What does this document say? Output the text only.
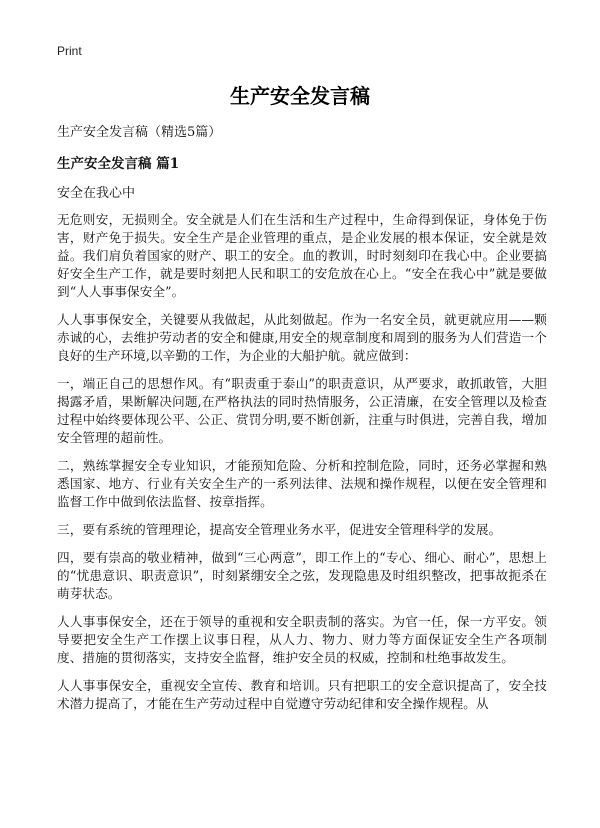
Print
生产安全发言稿
生产安全发言稿（精选5篇）
生产安全发言稿 篇1
安全在我心中

无危则安，无损则全。安全就是人们在生活和生产过程中，生命得到保证，身体免于伤害，财产免于损失。安全生产是企业管理的重点，是企业发展的根本保证，安全就是效益。我们肩负着国家的财产、职工的安全。血的教训，时时刻刻印在我心中。企业要搞好安全生产工作，就是要时刻把人民和职工的安危放在心上。“安全在我心中”就是要做到“人人事事保安全”。

人人事事保安全，关键要从我做起，从此刻做起。作为一名安全员，就更就应用——颗赤诚的心，去维护劳动者的安全和健康,用安全的规章制度和周到的服务为人们营造一个良好的生产环境,以辛勤的工作，为企业的大船护航。就应做到：

一，端正自己的思想作风。有“职责重于泰山”的职责意识，从严要求，敢抓敢管，大胆揭露矛盾，果断解决问题,在严格执法的同时热情服务，公正清廉，在安全管理以及检查过程中始终要体现公平、公正、赏罚分明,要不断创新，注重与时俱进，完善自我，增加安全管理的超前性。

二，熟练掌握安全专业知识，才能预知危险、分析和控制危险，同时，还务必掌握和熟悉国家、地方、行业有关安全生产的一系列法律、法规和操作规程，以便在安全管理和监督工作中做到依法监督、按章指挥。

三，要有系统的管理理论，提高安全管理业务水平，促进安全管理科学的发展。

四，要有崇高的敬业精神，做到“三心两意”，即工作上的“专心、细心、耐心”，思想上的“忧患意识、职责意识”，时刻紧绷安全之弦，发现隐患及时组织整改，把事故扼杀在萌芽状态。

人人事事保安全，还在于领导的重视和安全职责制的落实。为官一任，保一方平安。领导要把安全生产工作摆上议事日程，从人力、物力、财力等方面保证安全生产各项制度、措施的贯彻落实，支持安全监督，维护安全员的权威，控制和杜绝事故发生。

人人事事保安全，重视安全宣传、教育和培训。只有把职工的安全意识提高了，安全技术潜力提高了，才能在生产劳动过程中自觉遵守劳动纪律和安全操作规程。从
